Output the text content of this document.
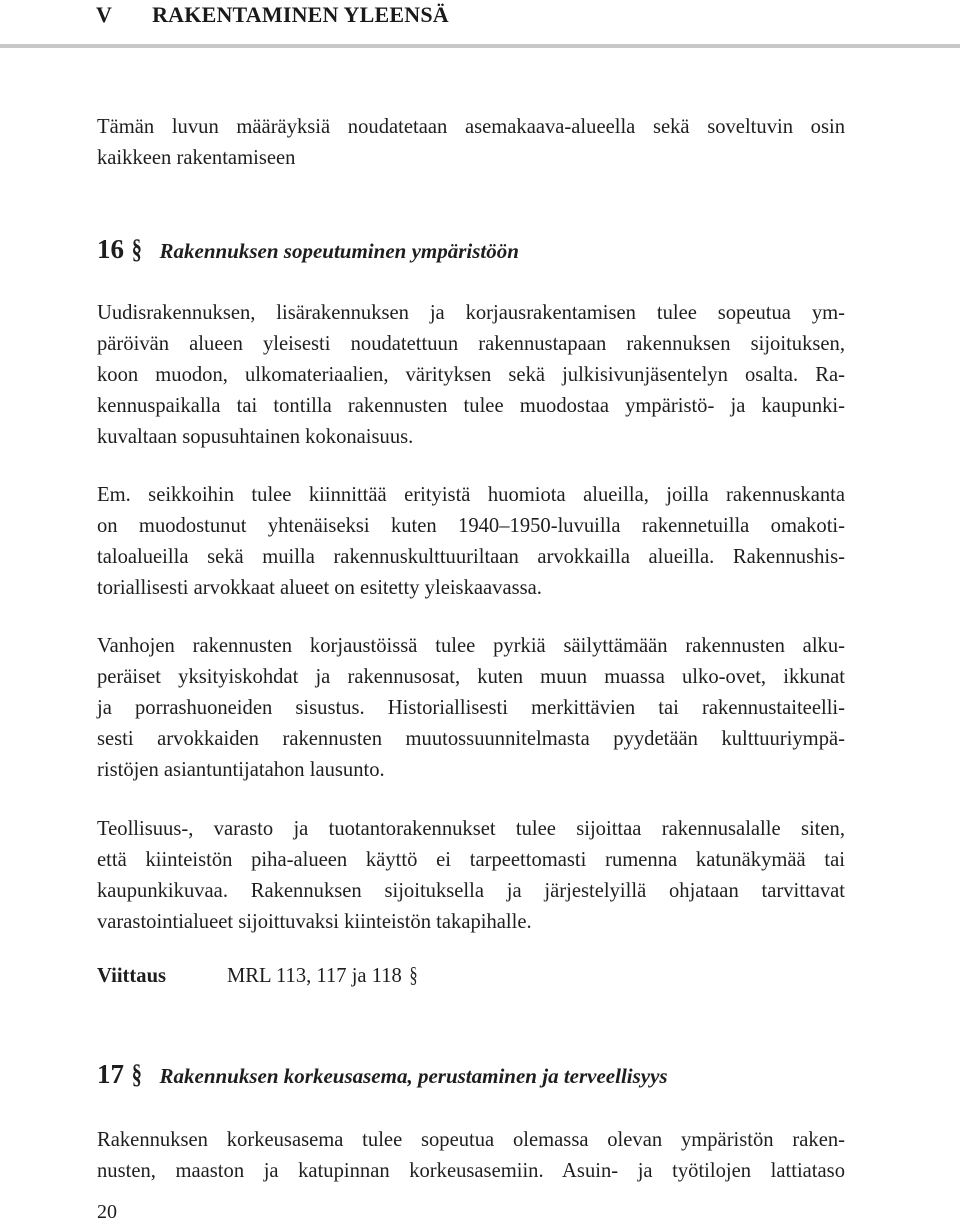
V RAKENTAMINEN YLEENSÄ

Tämän luvun määräyksiä noudatetaan asemakaava-alueella sekä soveltuvin osin
kaikkeen rakentamiseen

16 § Rakennuksen sopeutuminen ympäristöön

Uudisrakennuksen, lisärakennuksen ja korjausrakentamisen tulee sopeutua ym-
päröivän alueen yleisesti noudatettuun rakennustapaan rakennuksen sijoituksen,
koon muodon, ulkomateriaalien, värityksen sekä julkisivunjäsentelyn osalta. Ra-
kennuspaikalla tai tontilla rakennusten tulee muodostaa ympäristö- ja kaupunki-
kuvaltaan sopusuhtainen kokonaisuus.

Em. seikkoihin tulee kiinnittää erityistä huomiota alueilla, joilla rakennuskanta
on muodostunut yhtenäiseksi kuten 1940–1950-luvuilla rakennetuilla omakoti-
taloalueilla sekä muilla rakennuskulttuuriltaan arvokkailla alueilla. Rakennushis-
toriallisesti arvokkaat alueet on esitetty yleiskaavassa.

Vanhojen rakennusten korjaustöissä tulee pyrkiä säilyttämään rakennusten alku-
peräiset yksityiskohdat ja rakennusosat, kuten muun muassa ulko-ovet, ikkunat
ja porrashuoneiden sisustus. Historiallisesti merkittävien tai rakennustaiteelli-
sesti arvokkaiden rakennusten muutossuunnitelmasta pyydetään kulttuuriympä-
ristöjen asiantuntijatahon lausunto.

Teollisuus-, varasto ja tuotantorakennukset tulee sijoittaa rakennusalalle siten,
että kiinteistön piha-alueen käyttö ei tarpeettomasti rumenna katunäkymää tai
kaupunkikuvaa. Rakennuksen sijoituksella ja järjestelyillä ohjataan tarvittavat
varastointialueet sijoittuvaksi kiinteistön takapihalle.

Viittaus	MRL 113, 117 ja 118 §
17 § Rakennuksen korkeusasema, perustaminen ja terveellisyys

Rakennuksen korkeusasema tulee sopeutua olemassa olevan ympäristön raken-
nusten, maaston ja katupinnan korkeusasemiin. Asuin- ja työtilojen lattiataso

20
